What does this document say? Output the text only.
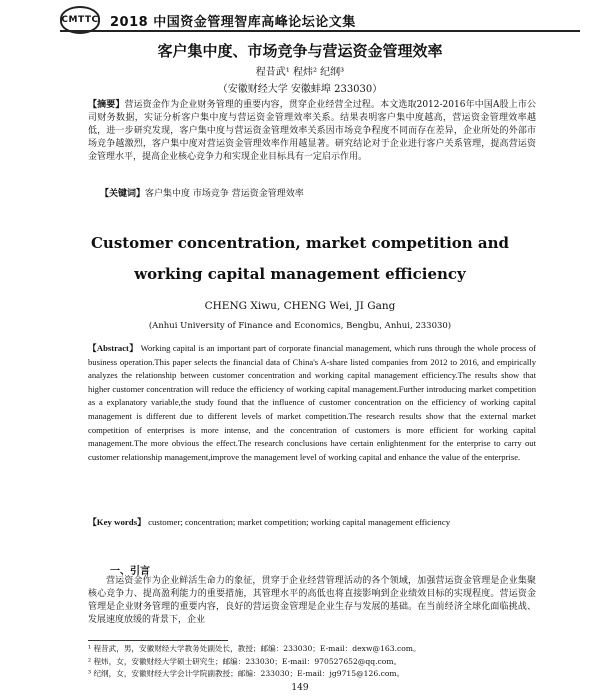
CMTTC 2018 中国资金管理智库高峰论坛论文集
客户集中度、市场竞争与营运资金管理效率
程昔武¹ 程炜² 纪纲³
（安徽财经大学 安徽蚌埠 233030）
【摘要】营运资金作为企业财务管理的重要内容，贯穿企业经营全过程。本文选取2012-2016年中国A股上市公司财务数据，实证分析客户集中度与营运资金管理效率关系。结果表明客户集中度越高，营运资金管理效率越低，进一步研究发现，客户集中度与营运资金管理效率关系因市场竞争程度不同而存在差异，企业所处的外部市场竞争越激烈，客户集中度对营运资金管理效率作用越显著。研究结论对于企业进行客户关系管理，提高营运资金管理水平，提高企业核心竞争力和实现企业目标具有一定启示作用。
【关键词】客户集中度 市场竞争 营运资金管理效率
Customer concentration, market competition and
working capital management efficiency
CHENG Xiwu, CHENG Wei, JI Gang
(Anhui University of Finance and Economics, Bengbu, Anhui, 233030)
【Abstract】 Working capital is an important part of corporate financial management, which runs through the whole process of business operation.This paper selects the financial data of China's A-share listed companies from 2012 to 2016, and empirically analyzes the relationship between customer concentration and working capital management efficiency.The results show that higher customer concentration will reduce the efficiency of working capital management.Further introducing market competition as a explanatory variable,the study found that the influence of customer concentration on the efficiency of working capital management is different due to different levels of market competition.The research results show that the external market competition of enterprises is more intense, and the concentration of customers is more efficient for working capital management.The more obvious the effect.The research conclusions have certain enlightenment for the enterprise to carry out customer relationship management,improve the management level of working capital and enhance the value of the enterprise.
【Key words】 customer; concentration; market competition; working capital management efficiency
一、引言
营运资金作为企业鲜活生命力的象征，贯穿于企业经营管理活动的各个领域，加强营运资金管理是企业集聚核心竞争力、提高盈利能力的重要措施，其管理水平的高低也将直接影响到企业绩效目标的实现程度。营运资金管理是企业财务管理的重要内容，良好的营运资金管理是企业生存与发展的基础。在当前经济全球化面临挑战、发展速度放缓的背景下，企业
¹ 程昔武，男，安徽财经大学教务处副处长，教授；邮编：233030；E-mail：dexw@163.com。
² 程炜，女，安徽财经大学硕士研究生；邮编：233030；E-mail：970527652@qq.com。
³ 纪纲，女，安徽财经大学会计学院副教授；邮编：233030；E-mail：jg9715@126.com。
149
